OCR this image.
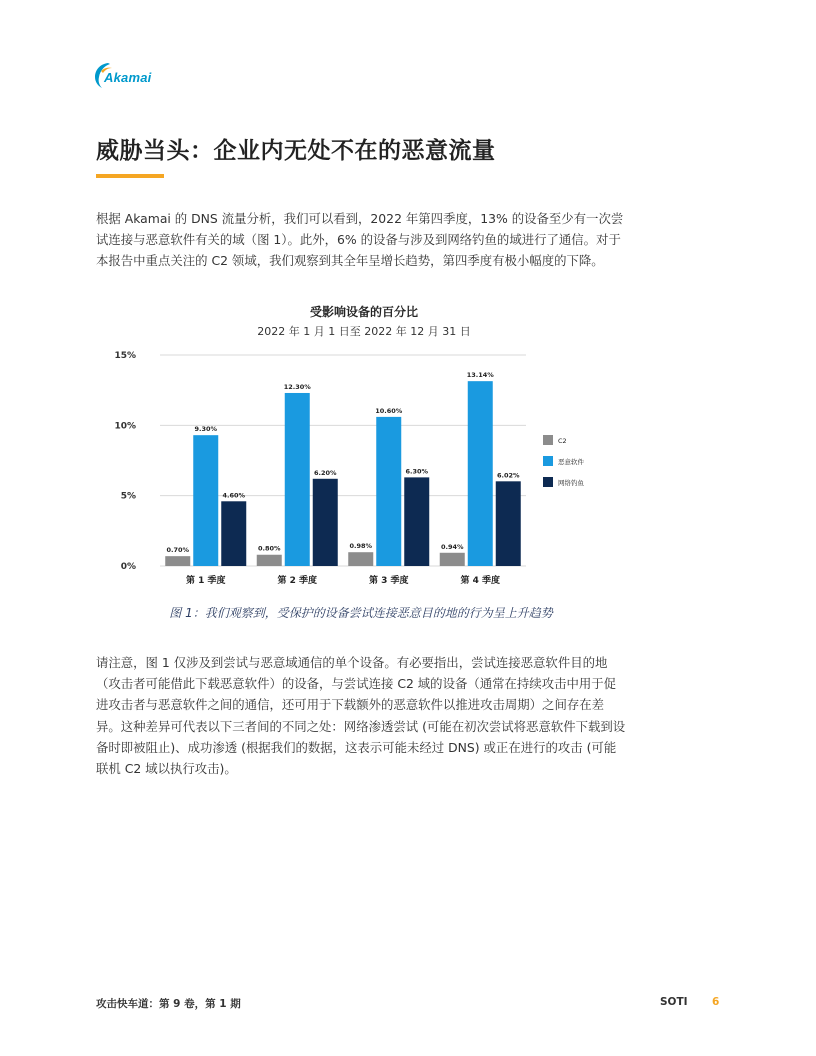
Akamai
威胁当头：企业内无处不在的恶意流量

根据 Akamai 的 DNS 流量分析，我们可以看到，2022 年第四季度，13% 的设备至少有一次尝试连接与恶意软件有关的域（图 1）。此外，6% 的设备与涉及到网络钓鱼的域进行了通信。对于本报告中重点关注的 C2 领域，我们观察到其全年呈增长趋势，第四季度有极小幅度的下降。

受影响设备的百分比
2022 年 1 月 1 日至 2022 年 12 月 31 日
0%
5%
10%
15%
0.70%
9.30%
4.60%
0.80%
12.30%
6.20%
0.98%
10.60%
6.30%
0.94%
13.14%
6.02%
第 1 季度	第 2 季度	第 3 季度	第 4 季度
C2
恶意软件
网络钓鱼

图 1：我们观察到，受保护的设备尝试连接恶意目的地的行为呈上升趋势

请注意，图 1 仅涉及到尝试与恶意域通信的单个设备。有必要指出，尝试连接恶意软件目的地（攻击者可能借此下载恶意软件）的设备，与尝试连接 C2 域的设备（通常在持续攻击中用于促进攻击者与恶意软件之间的通信，还可用于下载额外的恶意软件以推进攻击周期）之间存在差异。这种差异可代表以下三者间的不同之处：网络渗透尝试 (可能在初次尝试将恶意软件下载到设备时即被阻止)、成功渗透 (根据我们的数据，这表示可能未经过 DNS) 或正在进行的攻击 (可能联机 C2 域以执行攻击)。

攻击快车道：第 9 卷，第 1 期	SOTI 6
